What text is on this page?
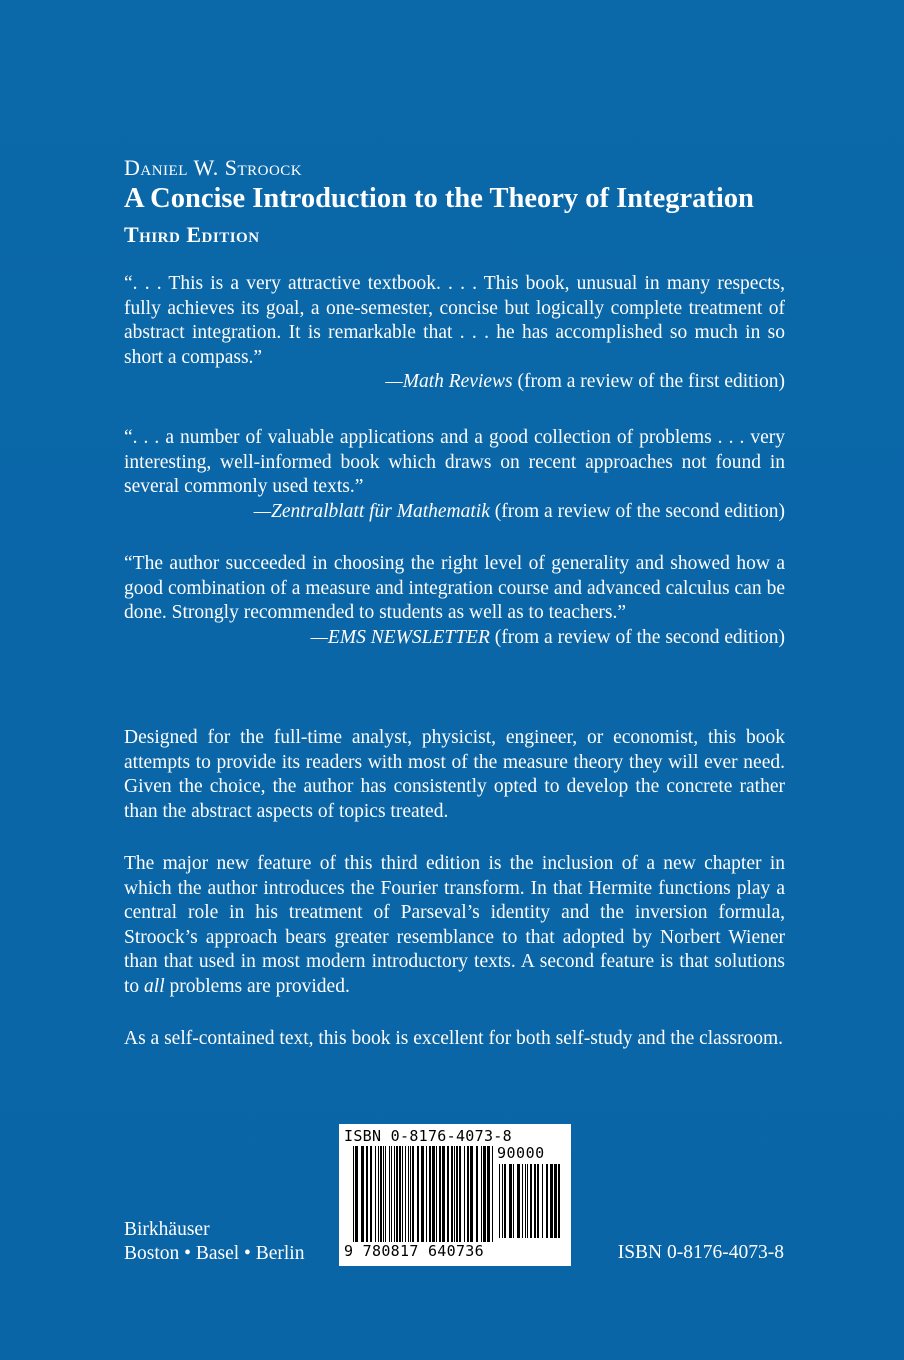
Daniel W. Stroock
A Concise Introduction to the Theory of Integration
Third Edition
“. . . This is a very attractive textbook. . . . This book, unusual in many respects, fully achieves its goal, a one-semester, concise but logically complete treatment of abstract integration. It is remarkable that . . . he has accomplished so much in so short a compass.”
—Math Reviews (from a review of the first edition)
“. . . a number of valuable applications and a good collection of problems . . . very interesting, well-informed book which draws on recent approaches not found in several commonly used texts.”
—Zentralblatt für Mathematik (from a review of the second edition)
“The author succeeded in choosing the right level of generality and showed how a good combination of a measure and integration course and advanced calculus can be done. Strongly recommended to students as well as to teachers.”
—EMS NEWSLETTER (from a review of the second edition)
Designed for the full-time analyst, physicist, engineer, or economist, this book attempts to provide its readers with most of the measure theory they will ever need. Given the choice, the author has consistently opted to develop the concrete rather than the abstract aspects of topics treated.
The major new feature of this third edition is the inclusion of a new chapter in which the author introduces the Fourier transform. In that Hermite functions play a central role in his treatment of Parseval’s identity and the inversion formula, Stroock’s approach bears greater resemblance to that adopted by Norbert Wiener than that used in most modern introductory texts. A second feature is that solutions to all problems are provided.
As a self-contained text, this book is excellent for both self-study and the classroom.
ISBN 0-8176-4073-8
90000
9 780817 640736
Birkhäuser
Boston • Basel • Berlin	ISBN 0-8176-4073-8
